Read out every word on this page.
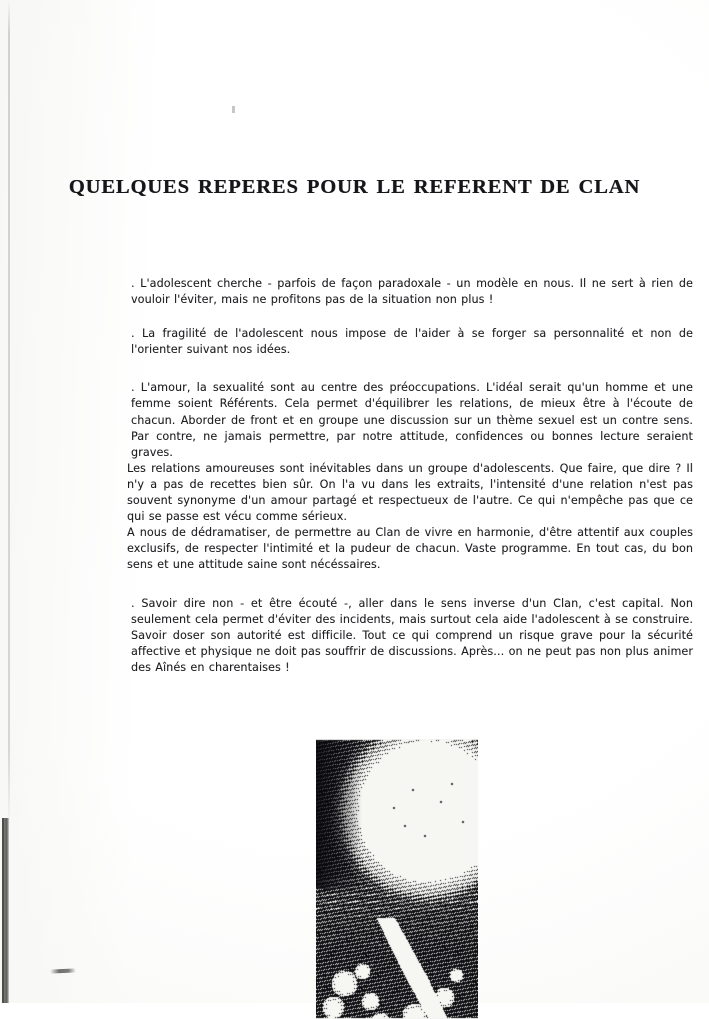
QUELQUES REPERES POUR LE REFERENT DE CLAN

. L'adolescent cherche - parfois de façon paradoxale - un modèle en nous. Il ne sert à rien de vouloir l'éviter, mais ne profitons pas de la situation non plus !

. La fragilité de l'adolescent nous impose de l'aider à se forger sa personnalité et non de l'orienter suivant nos idées.

. L'amour, la sexualité sont au centre des préoccupations. L'idéal serait qu'un homme et une femme soient Référents. Cela permet d'équilibrer les relations, de mieux être à l'écoute de chacun. Aborder de front et en groupe une discussion sur un thème sexuel est un contre sens. Par contre, ne jamais permettre, par notre attitude, confidences ou bonnes lecture seraient graves.

Les relations amoureuses sont inévitables dans un groupe d'adolescents. Que faire, que dire ? Il n'y a pas de recettes bien sûr. On l'a vu dans les extraits, l'intensité d'une relation n'est pas souvent synonyme d'un amour partagé et respectueux de l'autre. Ce qui n'empêche pas que ce qui se passe est vécu comme sérieux.

A nous de dédramatiser, de permettre au Clan de vivre en harmonie, d'être attentif aux couples exclusifs, de respecter l'intimité et la pudeur de chacun. Vaste programme. En tout cas, du bon sens et une attitude saine sont nécéssaires.

. Savoir dire non - et être écouté -, aller dans le sens inverse d'un Clan, c'est capital. Non seulement cela permet d'éviter des incidents, mais surtout cela aide l'adolescent à se construire. Savoir doser son autorité est difficile. Tout ce qui comprend un risque grave pour la sécurité affective et physique ne doit pas souffrir de discussions. Après... on ne peut pas non plus animer des Aînés en charentaises !
